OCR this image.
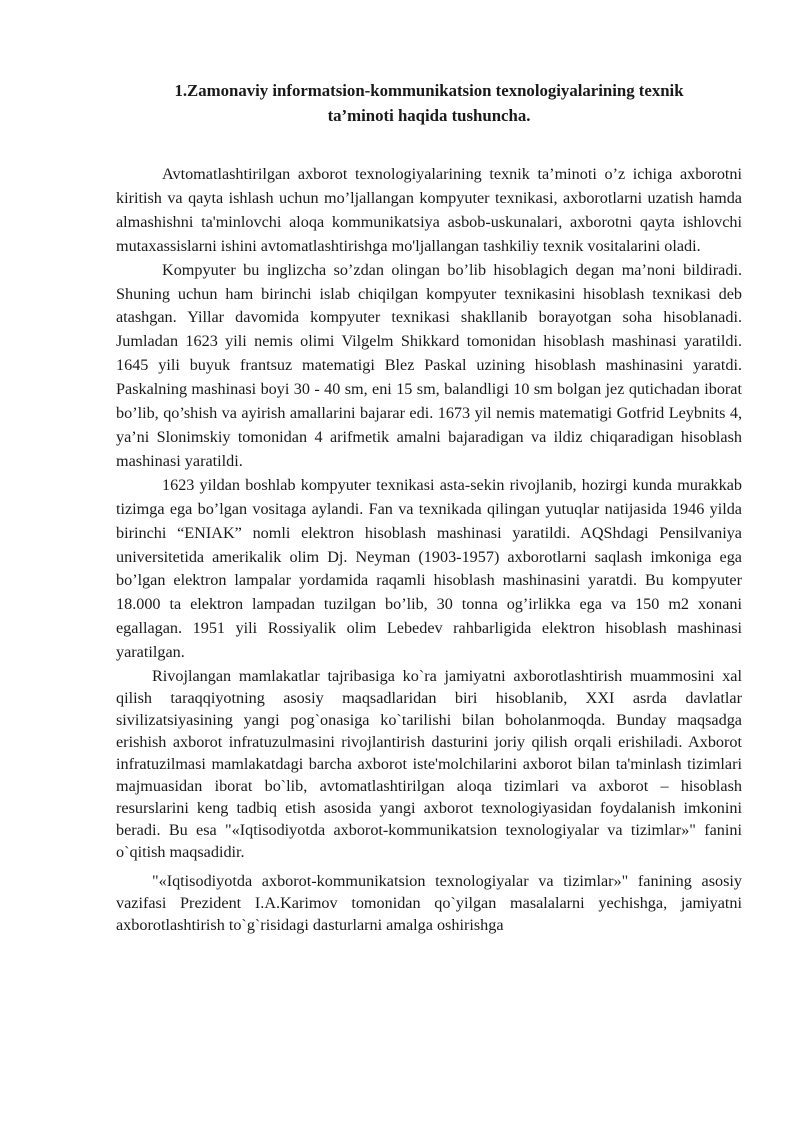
1.Zamonaviy informatsion-kommunikatsion texnologiyalarining texnik
ta’minoti haqida tushuncha.

Avtomatlashtirilgan axborot texnologiyalarining texnik ta’minoti o’z ichiga axborotni kiritish va qayta ishlash uchun mo’ljallangan kompyuter texnikasi, axborotlarni uzatish hamda almashishni ta'minlovchi aloqa kommunikatsiya asbob-uskunalari, axborotni qayta ishlovchi mutaxassislarni ishini avtomatlashtirishga mo'ljallangan tashkiliy texnik vositalarini oladi.

Kompyuter bu inglizcha so’zdan olingan bo’lib hisoblagich degan ma’noni bildiradi. Shuning uchun ham birinchi islab chiqilgan kompyuter texnikasini hisoblash texnikasi deb atashgan. Yillar davomida kompyuter texnikasi shakllanib borayotgan soha hisoblanadi. Jumladan 1623 yili nemis olimi Vilgelm Shikkard tomonidan hisoblash mashinasi yaratildi. 1645 yili buyuk frantsuz matematigi Blez Paskal uzining hisoblash mashinasini yaratdi. Paskalning mashinasi boyi 30 - 40 sm, eni 15 sm, balandligi 10 sm bolgan jez qutichadan iborat bo’lib, qo’shish va ayirish amallarini bajarar edi. 1673 yil nemis matematigi Gotfrid Leybnits 4, ya’ni Slonimskiy tomonidan 4 arifmetik amalni bajaradigan va ildiz chiqaradigan hisoblash mashinasi yaratildi.

1623 yildan boshlab kompyuter texnikasi asta-sekin rivojlanib, hozirgi kunda murakkab tizimga ega bo’lgan vositaga aylandi. Fan va texnikada qilingan yutuqlar natijasida 1946 yilda birinchi “ENIAK” nomli elektron hisoblash mashinasi yaratildi. AQShdagi Pensilvaniya universitetida amerikalik olim Dj. Neyman (1903-1957) axborotlarni saqlash imkoniga ega bo’lgan elektron lampalar yordamida raqamli hisoblash mashinasini yaratdi. Bu kompyuter 18.000 ta elektron lampadan tuzilgan bo’lib, 30 tonna og’irlikka ega va 150 m2 xonani egallagan. 1951 yili Rossiyalik olim Lebedev rahbarligida elektron hisoblash mashinasi yaratilgan.

Rivojlangan mamlakatlar tajribasiga ko`ra jamiyatni axborotlashtirish muammosini xal qilish taraqqiyotning asosiy maqsadlaridan biri hisoblanib, XXI asrda davlatlar sivilizatsiyasining yangi pog`onasiga ko`tarilishi bilan boholanmoqda. Bunday maqsadga erishish axborot infratuzulmasini rivojlantirish dasturini joriy qilish orqali erishiladi. Axborot infratuzilmasi mamlakatdagi barcha axborot iste'molchilarini axborot bilan ta'minlash tizimlari majmuasidan iborat bo`lib, avtomatlashtirilgan aloqa tizimlari va axborot – hisoblash resurslarini keng tadbiq etish asosida yangi axborot texnologiyasidan foydalanish imkonini beradi. Bu esa "«Iqtisodiyotda axborot-kommunikatsion texnologiyalar va tizimlar»" fanini o`qitish maqsadidir.

"«Iqtisodiyotda axborot-kommunikatsion texnologiyalar va tizimlar»" fanining asosiy vazifasi Prezident I.A.Karimov tomonidan qo`yilgan masalalarni yechishga, jamiyatni axborotlashtirish to`g`risidagi dasturlarni amalga oshirishga
